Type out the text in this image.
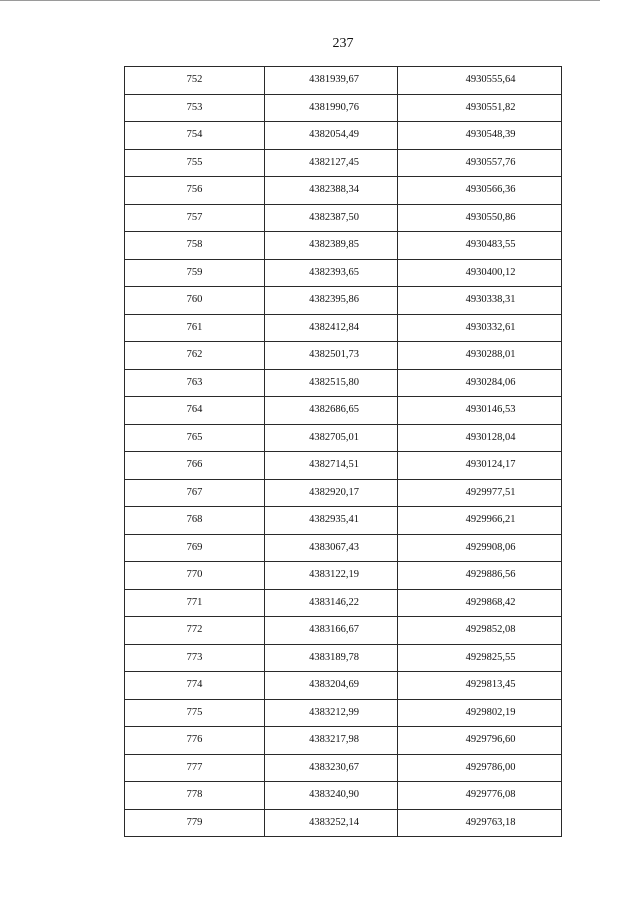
237
752	4381939,67	4930555,64
753	4381990,76	4930551,82
754	4382054,49	4930548,39
755	4382127,45	4930557,76
756	4382388,34	4930566,36
757	4382387,50	4930550,86
758	4382389,85	4930483,55
759	4382393,65	4930400,12
760	4382395,86	4930338,31
761	4382412,84	4930332,61
762	4382501,73	4930288,01
763	4382515,80	4930284,06
764	4382686,65	4930146,53
765	4382705,01	4930128,04
766	4382714,51	4930124,17
767	4382920,17	4929977,51
768	4382935,41	4929966,21
769	4383067,43	4929908,06
770	4383122,19	4929886,56
771	4383146,22	4929868,42
772	4383166,67	4929852,08
773	4383189,78	4929825,55
774	4383204,69	4929813,45
775	4383212,99	4929802,19
776	4383217,98	4929796,60
777	4383230,67	4929786,00
778	4383240,90	4929776,08
779	4383252,14	4929763,18
